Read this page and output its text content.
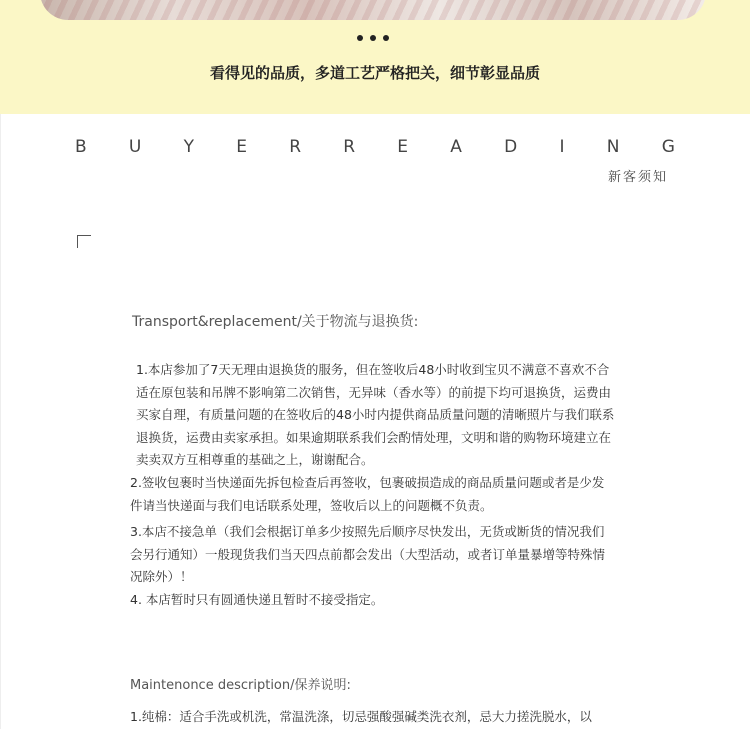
看得见的品质，多道工艺严格把关，细节彰显品质
B U Y E R R E A D I N G
新客须知
Transport&replacement/关于物流与退换货:
1.本店参加了7天无理由退换货的服务，但在签收后48小时收到宝贝不满意不喜欢不合适在原包装和吊牌不影响第二次销售，无异味（香水等）的前提下均可退换货，运费由买家自理，有质量问题的在签收后的48小时内提供商品质量问题的清晰照片与我们联系退换货，运费由卖家承担。如果逾期联系我们会酌情处理，文明和谐的购物环境建立在卖卖双方互相尊重的基础之上，谢谢配合。
2.签收包裹时当快递面先拆包检查后再签收，包裹破损造成的商品质量问题或者是少发件请当快递面与我们电话联系处理，签收后以上的问题概不负责。
3.本店不接急单（我们会根据订单多少按照先后顺序尽快发出，无货或断货的情况我们会另行通知）一般现货我们当天四点前都会发出（大型活动，或者订单量暴增等特殊情况除外）！
4. 本店暂时只有圆通快递且暂时不接受指定。
Maintenonce description/保养说明:
1.纯棉：适合手洗或机洗，常温洗涤，切忌强酸强碱类洗衣剂，忌大力搓洗脱水，以
